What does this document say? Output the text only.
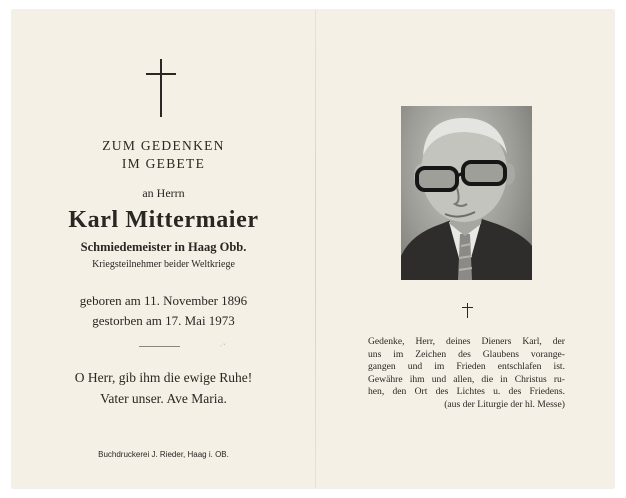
ZUM GEDENKEN
IM GEBETE
an Herrn
Karl Mittermaier
Schmiedemeister in Haag Obb.
Kriegsteilnehmer beider Weltkriege
geboren am 11. November 1896
gestorben am 17. Mai 1973
‧ ˘
O Herr, gib ihm die ewige Ruhe!
Vater unser. Ave Maria.
Buchdruckerei J. Rieder, Haag i. OB.
Gedenke, Herr, deines Dieners Karl, der
uns im Zeichen des Glaubens vorange-
gangen und im Frieden entschlafen ist.
Gewähre ihm und allen, die in Christus ru-
hen, den Ort des Lichtes u. des Friedens.
(aus der Liturgie der hl. Messe)
